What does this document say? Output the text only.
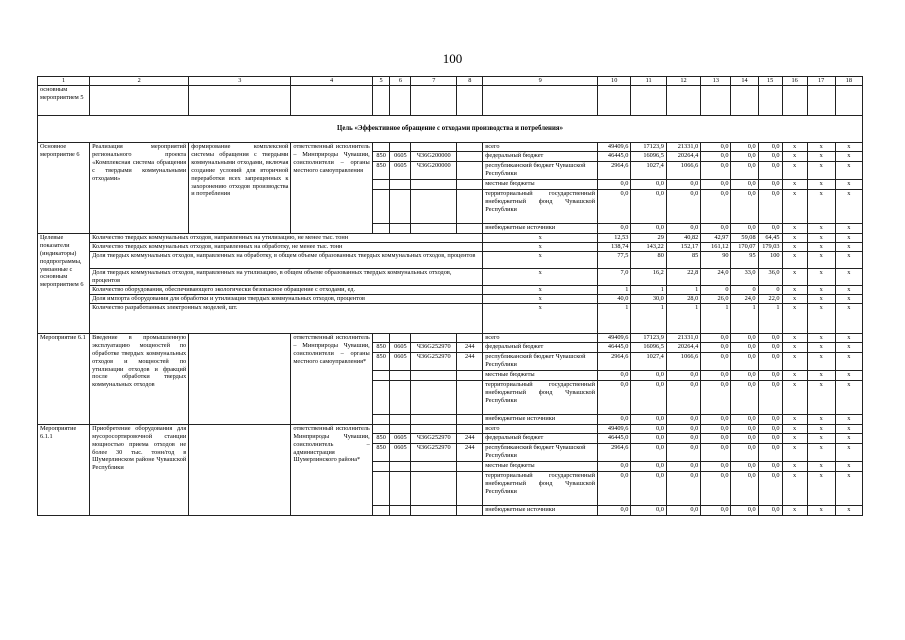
100
1	2	3	4	5	6	7	8	9	10	11	12	13	14	15	16	17	18
основным мероприятием 5																	
Цель «Эффективное обращение с отходами производства и потребления»																	
Основное мероприятие 6	Реализация мероприятий регионального проекта «Комплексная система обращения с твердыми коммунальными отходами»	формирование комплексной системы обращения с твердыми коммунальными отходами, включая создание условий для вторичной переработки всех запрещенных к захоронению отходов производства и потребления	ответственный исполнитель – Минприроды Чувашии, соисполнители – органы местного самоуправления					всего	49409,6	17123,9	21331,0	0,0	0,0	0,0	x	x	x
				850	0605	Ч36G200000		федеральный бюджет	46445,0	16096,5	20264,4	0,0	0,0	0,0	x	x	x
				850	0605	Ч36G200000		республиканский бюджет Чувашской Республики	2964,6	1027,4	1066,6	0,0	0,0	0,0	x	x	x
								местные бюджеты	0,0	0,0	0,0	0,0	0,0	0,0	x	x	x
								территориальный государственный внебюджетный фонд Чувашской Республики	0,0	0,0	0,0	0,0	0,0	0,0	x	x	x
								внебюджетные источники	0,0	0,0	0,0	0,0	0,0	0,0	x	x	x
Целевые показатели (индикаторы) подпрограммы, увязанные с основным мероприятием 6	Количество твердых коммунальных отходов, направленных на утилизацию, не менее тыс. тонн							x	12,53	29	40,82	42,97	59,08	64,45	x	x	x
	Количество твердых коммунальных отходов, направленных на обработку, не менее тыс. тонн							x	138,74	143,22	152,17	161,12	170,07	179,03	x	x	x
	Доля твердых коммунальных отходов, направленных на обработку, в общем объеме образованных твердых коммунальных отходов, процентов							x	77,5	80	85	90	95	100	x	x	x
	Доля твердых коммунальных отходов, направленных на утилизацию, в общем объеме образованных твердых коммунальных отходов, процентов							x	7,0	16,2	22,8	24,0	33,0	36,0	x	x	x
	Количество оборудования, обеспечивающего экологически безопасное обращение с отходами, ед.							x	1	1	1	0	0	0	x	x	x
	Доля импорта оборудования для обработки и утилизации твердых коммунальных отходов, процентов							x	40,0	30,0	28,0	26,0	24,0	22,0	x	x	x
	Количество разработанных электронных моделей, шт.							x	1	1	1	1	1	1	x	x	x
Мероприятие 6.1	Введение в промышленную эксплуатацию мощностей по обработке твердых коммунальных отходов и мощностей по утилизации отходов и фракций после обработки твердых коммунальных отходов		ответственный исполнитель – Минприроды Чувашии, соисполнители – органы местного самоуправления*					всего	49409,6	17123,9	21331,0	0,0	0,0	0,0	x	x	x
				850	0605	Ч36G252970	244	федеральный бюджет	46445,0	16096,5	20264,4	0,0	0,0	0,0	x	x	x
				850	0605	Ч36G252970	244	республиканский бюджет Чувашской Республики	2964,6	1027,4	1066,6	0,0	0,0	0,0	x	x	x
								местные бюджеты	0,0	0,0	0,0	0,0	0,0	0,0	x	x	x
								территориальный государственный внебюджетный фонд Чувашской Республики	0,0	0,0	0,0	0,0	0,0	0,0	x	x	x
								внебюджетные источники	0,0	0,0	0,0	0,0	0,0	0,0	x	x	x
Мероприятие 6.1.1	Приобретение оборудования для мусоросортировочной станции мощностью приема отходов не более 30 тыс. тонн/год в Шумерлинском районе Чувашской Республики		ответственный исполнитель Минприроды Чувашии, соисполнитель – администрация Шумерлинского района*					всего	49409,6	0,0	0,0	0,0	0,0	0,0	x	x	x
				850	0605	Ч36G252970	244	федеральный бюджет	46445,0	0,0	0,0	0,0	0,0	0,0	x	x	x
				850	0605	Ч36G252970	244	республиканский бюджет Чувашской Республики	2964,6	0,0	0,0	0,0	0,0	0,0	x	x	x
								местные бюджеты	0,0	0,0	0,0	0,0	0,0	0,0	x	x	x
								территориальный государственный внебюджетный фонд Чувашской Республики	0,0	0,0	0,0	0,0	0,0	0,0	x	x	x
								внебюджетные источники	0,0	0,0	0,0	0,0	0,0	0,0	x	x	x
